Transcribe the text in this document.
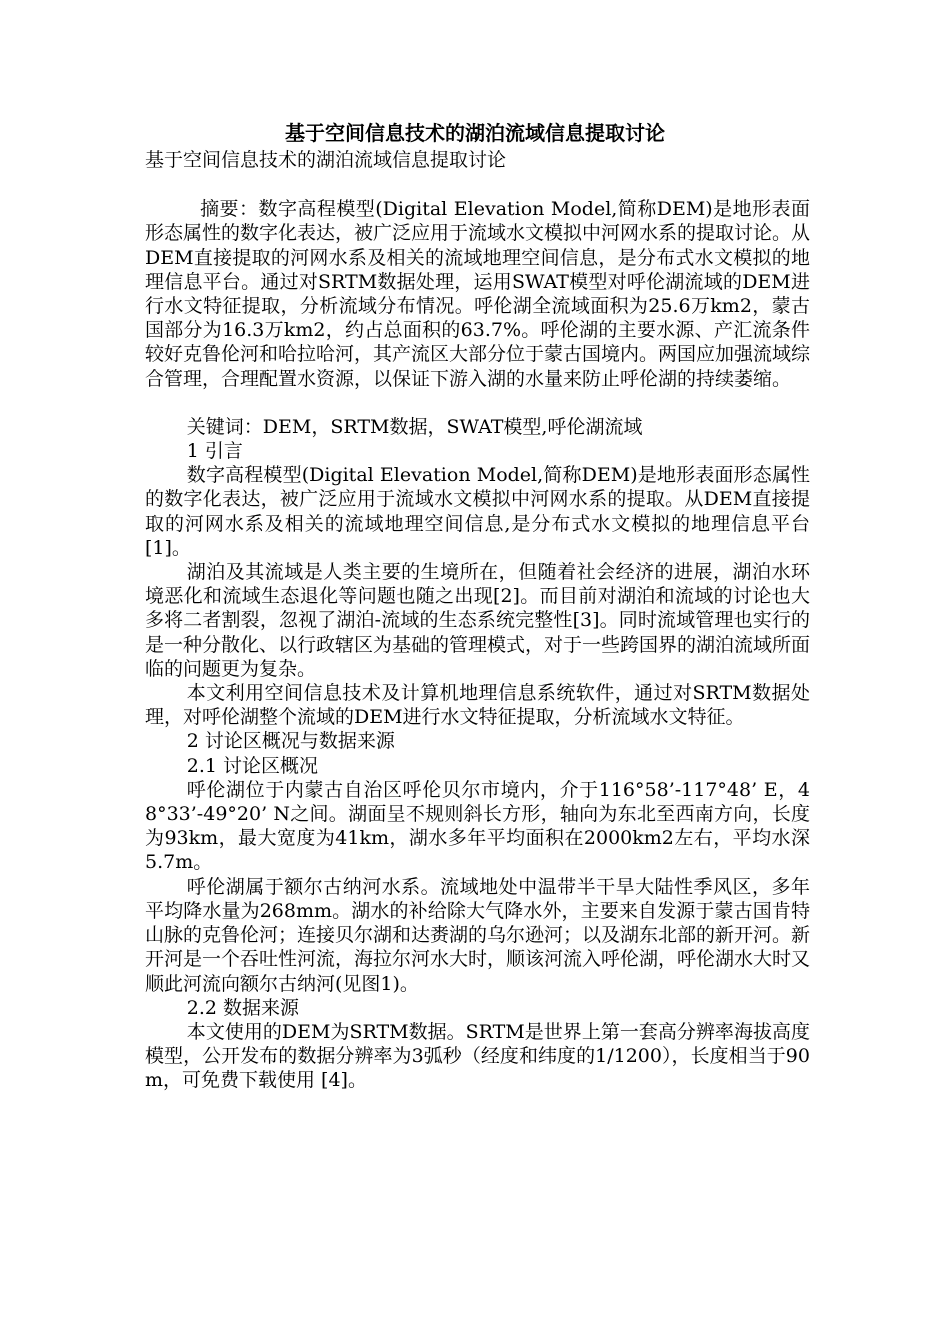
基于空间信息技术的湖泊流域信息提取讨论

基于空间信息技术的湖泊流域信息提取讨论

摘要：数字高程模型(Digital Elevation Model,简称DEM)是地形表面形态属性的数字化表达，被广泛应用于流域水文模拟中河网水系的提取讨论。从DEM直接提取的河网水系及相关的流域地理空间信息，是分布式水文模拟的地理信息平台。通过对SRTM数据处理，运用SWAT模型对呼伦湖流域的DEM进行水文特征提取，分析流域分布情况。呼伦湖全流域面积为25.6万km2，蒙古国部分为16.3万km2，约占总面积的63.7%。呼伦湖的主要水源、产汇流条件较好克鲁伦河和哈拉哈河，其产流区大部分位于蒙古国境内。两国应加强流域综合管理，合理配置水资源，以保证下游入湖的水量来防止呼伦湖的持续萎缩。

关键词：DEM，SRTM数据，SWAT模型,呼伦湖流域

1 引言

数字高程模型(Digital Elevation Model,简称DEM)是地形表面形态属性的数字化表达，被广泛应用于流域水文模拟中河网水系的提取。从DEM直接提取的河网水系及相关的流域地理空间信息,是分布式水文模拟的地理信息平台[1]。

湖泊及其流域是人类主要的生境所在，但随着社会经济的进展，湖泊水环境恶化和流域生态退化等问题也随之出现[2]。而目前对湖泊和流域的讨论也大多将二者割裂，忽视了湖泊-流域的生态系统完整性[3]。同时流域管理也实行的是一种分散化、以行政辖区为基础的管理模式，对于一些跨国界的湖泊流域所面临的问题更为复杂。

本文利用空间信息技术及计算机地理信息系统软件，通过对SRTM数据处理，对呼伦湖整个流域的DEM进行水文特征提取，分析流域水文特征。

2 讨论区概况与数据来源

2.1 讨论区概况

呼伦湖位于内蒙古自治区呼伦贝尔市境内，介于116°58’-117°48’ E，48°33’-49°20’ N之间。湖面呈不规则斜长方形，轴向为东北至西南方向，长度为93km，最大宽度为41km，湖水多年平均面积在2000km2左右，平均水深5.7m。

呼伦湖属于额尔古纳河水系。流域地处中温带半干旱大陆性季风区，多年平均降水量为268mm。湖水的补给除大气降水外，主要来自发源于蒙古国肯特山脉的克鲁伦河；连接贝尔湖和达赉湖的乌尔逊河；以及湖东北部的新开河。新开河是一个吞吐性河流，海拉尔河水大时，顺该河流入呼伦湖，呼伦湖水大时又顺此河流向额尔古纳河(见图1)。

2.2 数据来源

本文使用的DEM为SRTM数据。SRTM是世界上第一套高分辨率海拔高度模型，公开发布的数据分辨率为3弧秒（经度和纬度的1/1200），长度相当于90m，可免费下载使用 [4]。
